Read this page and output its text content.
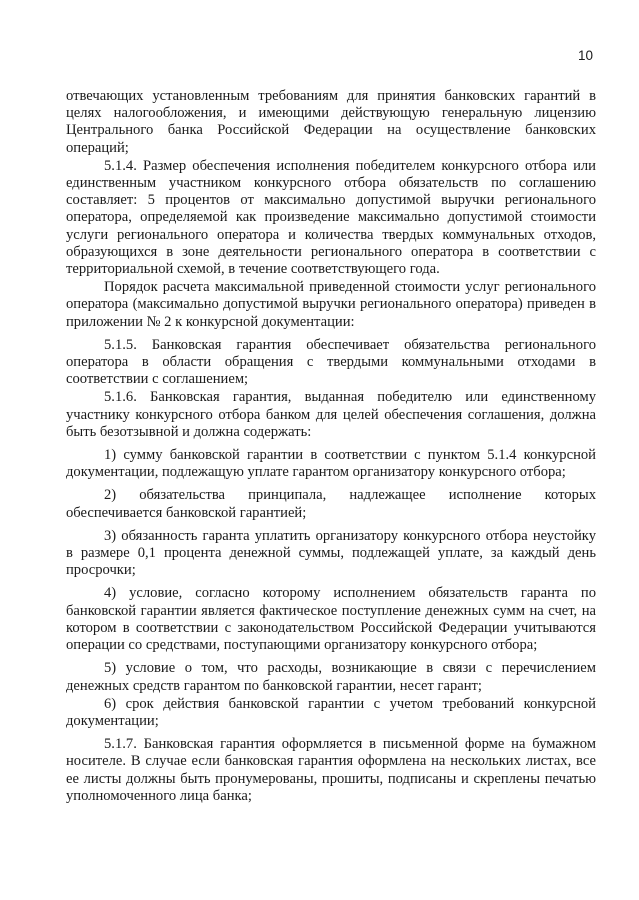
10

отвечающих установленным требованиям для принятия банковских гарантий в целях налогообложения, и имеющими действующую генеральную лицензию Центрального банка Российской Федерации на осуществление банковских операций;

5.1.4. Размер обеспечения исполнения победителем конкурсного отбора или единственным участником конкурсного отбора обязательств по соглашению составляет: 5 процентов от максимально допустимой выручки регионального оператора, определяемой как произведение максимально допустимой стоимости услуги регионального оператора и количества твердых коммунальных отходов, образующихся в зоне деятельности регионального оператора в соответствии с территориальной схемой, в течение соответствующего года.

Порядок расчета максимальной приведенной стоимости услуг регионального оператора (максимально допустимой выручки регионального оператора) приведен в приложении № 2 к конкурсной документации:

5.1.5. Банковская гарантия обеспечивает обязательства регионального оператора в области обращения с твердыми коммунальными отходами в соответствии с соглашением;

5.1.6. Банковская гарантия, выданная победителю или единственному участнику конкурсного отбора банком для целей обеспечения соглашения, должна быть безотзывной и должна содержать:

1) сумму банковской гарантии в соответствии с пунктом 5.1.4 конкурсной документации, подлежащую уплате гарантом организатору конкурсного отбора;

2) обязательства принципала, надлежащее исполнение которых обеспечивается банковской гарантией;

3) обязанность гаранта уплатить организатору конкурсного отбора неустойку в размере 0,1 процента денежной суммы, подлежащей уплате, за каждый день просрочки;

4) условие, согласно которому исполнением обязательств гаранта по банковской гарантии является фактическое поступление денежных сумм на счет, на котором в соответствии с законодательством Российской Федерации учитываются операции со средствами, поступающими организатору конкурсного отбора;

5) условие о том, что расходы, возникающие в связи с перечислением денежных средств гарантом по банковской гарантии, несет гарант;

6) срок действия банковской гарантии с учетом требований конкурсной документации;

5.1.7. Банковская гарантия оформляется в письменной форме на бумажном носителе. В случае если банковская гарантия оформлена на нескольких листах, все ее листы должны быть пронумерованы, прошиты, подписаны и скреплены печатью уполномоченного лица банка;
